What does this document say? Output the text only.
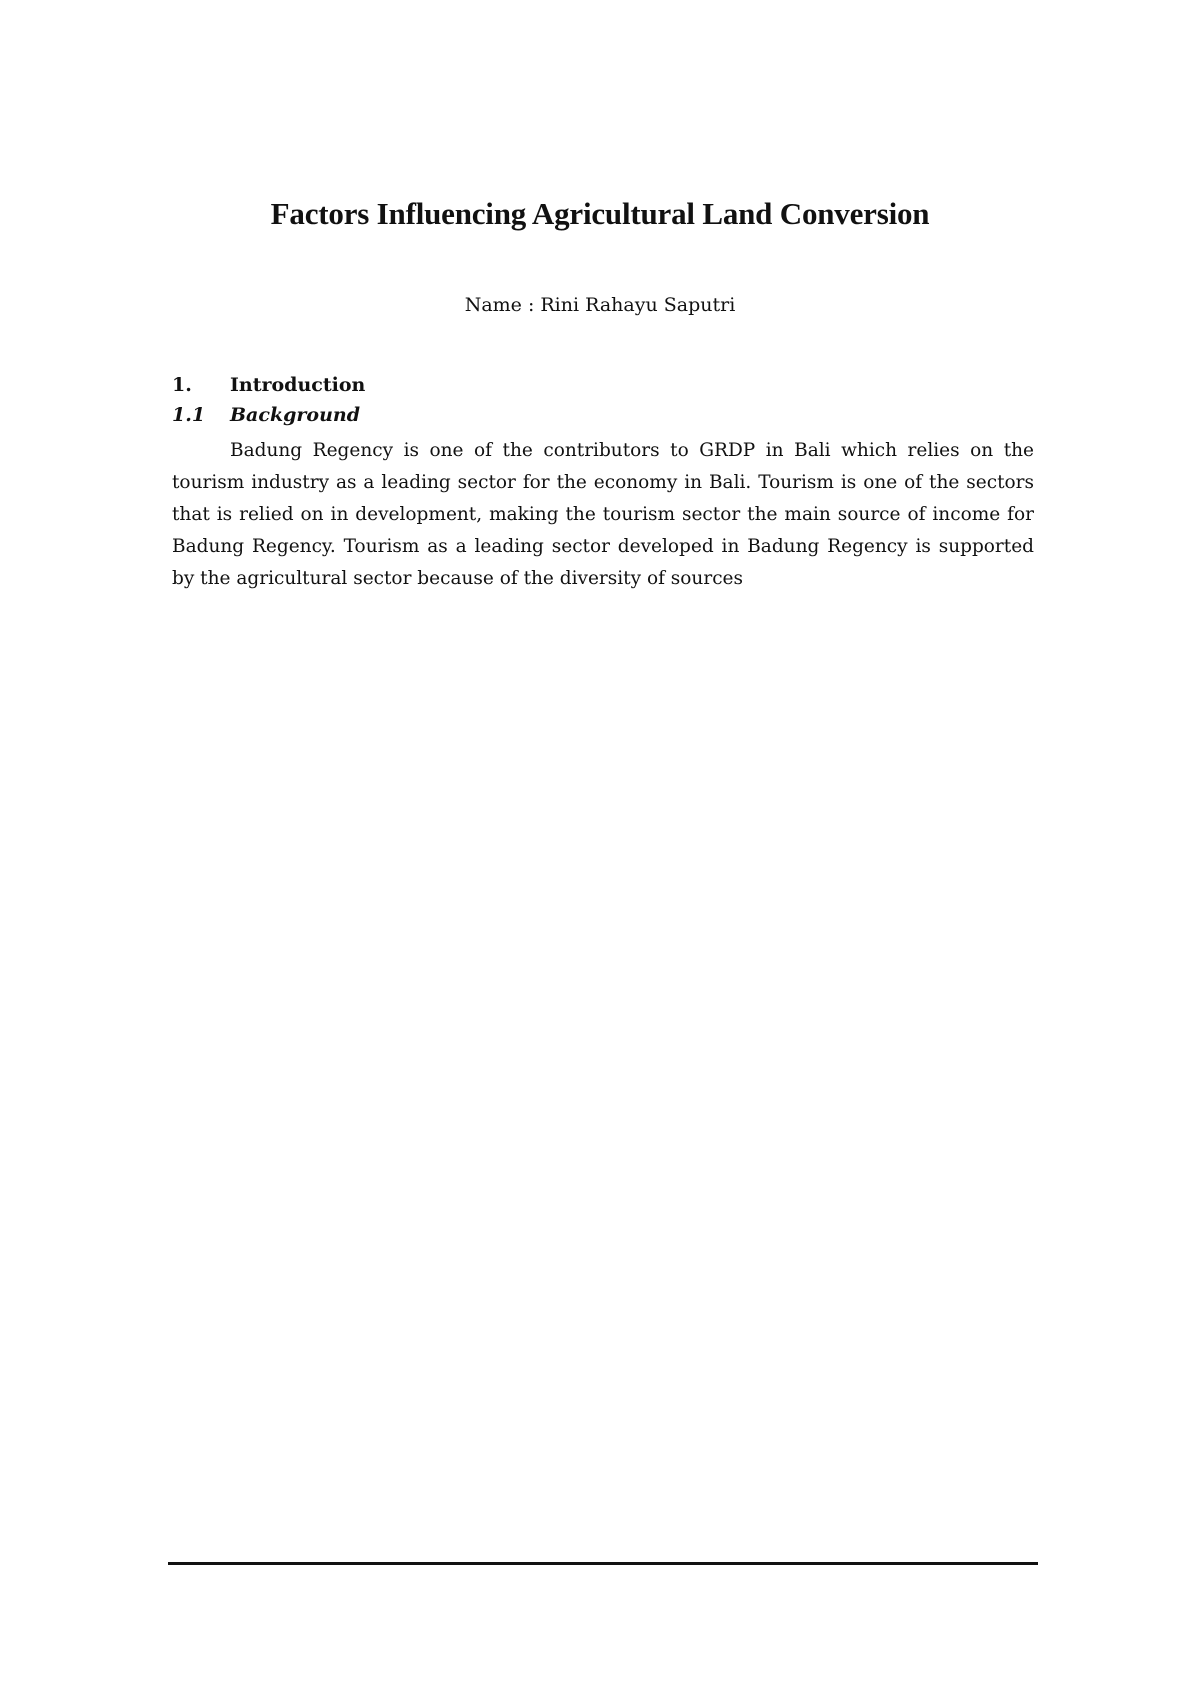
Factors Influencing Agricultural Land Conversion

Name : Rini Rahayu Saputri

1.	Introduction
1.1	Background

Badung Regency is one of the contributors to GRDP in Bali which relies on the tourism industry as a leading sector for the economy in Bali. Tourism is one of the sectors that is relied on in development, making the tourism sector the main source of income for Badung Regency. Tourism as a leading sector developed in Badung Regency is supported by the agricultural sector because of the diversity of sources
